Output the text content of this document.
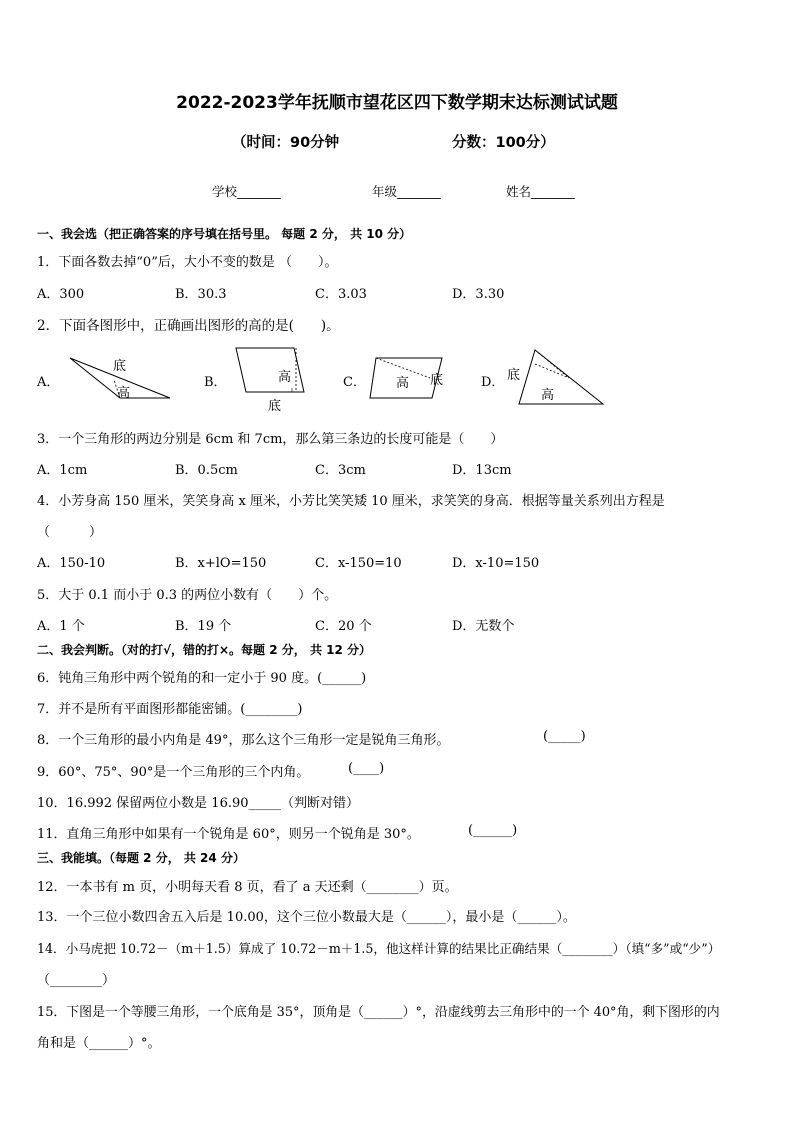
2022-2023学年抚顺市望花区四下数学期末达标测试试题
（时间：90分钟	分数：100分）
学校_______	年级_______	姓名_______
一、我会选（把正确答案的序号填在括号里。 每题 2 分， 共 10 分）
1．下面各数去掉“0”后，大小不变的数是 （　　）。
A．300	B．30.3	C．3.03	D．3.30
2．下面各图形中，正确画出图形的高的是(　　)。
A．	B．	C．	D．
底
高
高
底
高 底	底
高
3．一个三角形的两边分别是 6cm 和 7cm，那么第三条边的长度可能是（　　）
A．1cm	B．0.5cm	C．3cm	D．13cm
4．小芳身高 150 厘米，笑笑身高 x 厘米，小芳比笑笑矮 10 厘米，求笑笑的身高．根据等量关系列出方程是
（　　　）
A．150-10	B．x+lO=150	C．x-150=10	D．x-10=150
5．大于 0.1 而小于 0.3 的两位小数有（　　）个。
A．1 个	B．19 个	C．20 个	D．无数个
二、我会判断。（对的打√，错的打×。每题 2 分， 共 12 分）
6．钝角三角形中两个锐角的和一定小于 90 度。(______)
7．并不是所有平面图形都能密铺。(________)
8．一个三角形的最小内角是 49°，那么这个三角形一定是锐角三角形。	(_____)
9．60°、75°、90°是一个三角形的三个内角。	(____)
10．16.992 保留两位小数是 16.90_____（判断对错）
11．直角三角形中如果有一个锐角是 60°，则另一个锐角是 30°。	(______)
三、我能填。（每题 2 分， 共 24 分）
12．一本书有 m 页，小明每天看 8 页，看了 a 天还剩（________）页。
13．一个三位小数四舍五入后是 10.00，这个三位小数最大是（______），最小是（______）。
14．小马虎把 10.72－（m＋1.5）算成了 10.72－m＋1.5，他这样计算的结果比正确结果（________）（填“多”或“少”）
（________）
15．下图是一个等腰三角形，一个底角是 35°，顶角是（______）°，沿虚线剪去三角形中的一个 40°角，剩下图形的内
角和是（______）°。
